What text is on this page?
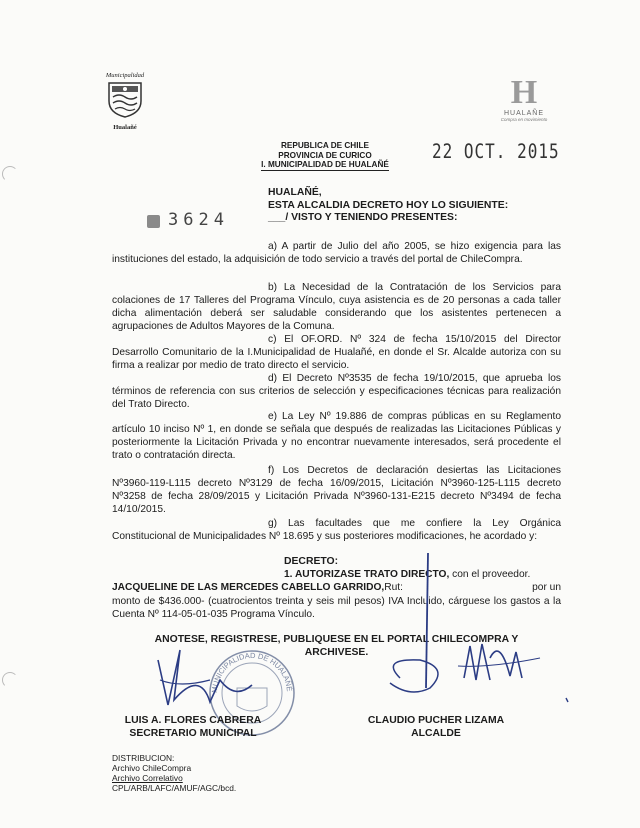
Municipalidad
Hualañé
H
HUALAÑE
Compra en movimiento
REPUBLICA DE CHILE
PROVINCIA DE CURICO
I. MUNICIPALIDAD DE HUALAÑÉ
22 OCT. 2015
3624
HUALAÑÉ,
ESTA ALCALDIA DECRETO HOY LO SIGUIENTE:
___/ VISTO Y TENIENDO PRESENTES:
a) A partir de Julio del año 2005, se hizo exigencia para las instituciones del estado, la adquisición de todo servicio a través del portal de ChileCompra.
b) La Necesidad de la Contratación de los Servicios para colaciones de 17 Talleres del Programa Vínculo, cuya asistencia es de 20 personas a cada taller dicha alimentación deberá ser saludable considerando que los asistentes pertenecen a agrupaciones de Adultos Mayores de la Comuna.
c) El OF.ORD. Nº 324 de fecha 15/10/2015 del Director Desarrollo Comunitario de la I.Municipalidad de Hualañé, en donde el Sr. Alcalde autoriza con su firma a realizar por medio de trato directo el servicio.
d) El Decreto Nº3535 de fecha 19/10/2015, que aprueba los términos de referencia con sus criterios de selección y especificaciones técnicas para realización del Trato Directo.
e) La Ley Nº 19.886 de compras públicas en su Reglamento artículo 10 inciso Nº 1, en donde se señala que después de realizadas las Licitaciones Públicas y posteriormente la Licitación Privada y no encontrar nuevamente interesados, será procedente el trato o contratación directa.
f) Los Decretos de declaración desiertas las Licitaciones Nº3960-119-L115 decreto Nº3129 de fecha 16/09/2015, Licitación Nº3960-125-L115 decreto Nº3258 de fecha 28/09/2015 y Licitación Privada Nº3960-131-E215 decreto Nº3494 de fecha 14/10/2015.
g) Las facultades que me confiere la Ley Orgánica Constitucional de Municipalidades Nº 18.695 y sus posteriores modificaciones, he acordado y:
DECRETO:
1. AUTORIZASE TRATO DIRECTO, con el proveedor.
JACQUELINE DE LAS MERCEDES CABELLO GARRIDO, Rut:	por un
monto de $436.000- (cuatrocientos treinta y seis mil pesos) IVA Incluido, cárguese los gastos a la Cuenta Nº 114-05-01-035 Programa Vínculo.
ANOTESE, REGISTRESE, PUBLIQUESE EN EL PORTAL CHILECOMPRA Y
ARCHIVESE.
MUNICIPALIDAD DE HUALAÑÉ
LUIS A. FLORES CABRERA
SECRETARIO MUNICIPAL
CLAUDIO PUCHER LIZAMA
ALCALDE
DISTRIBUCION:
Archivo ChileCompra
Archivo Correlativo
CPL/ARB/LAFC/AMUF/AGC/bcd.
